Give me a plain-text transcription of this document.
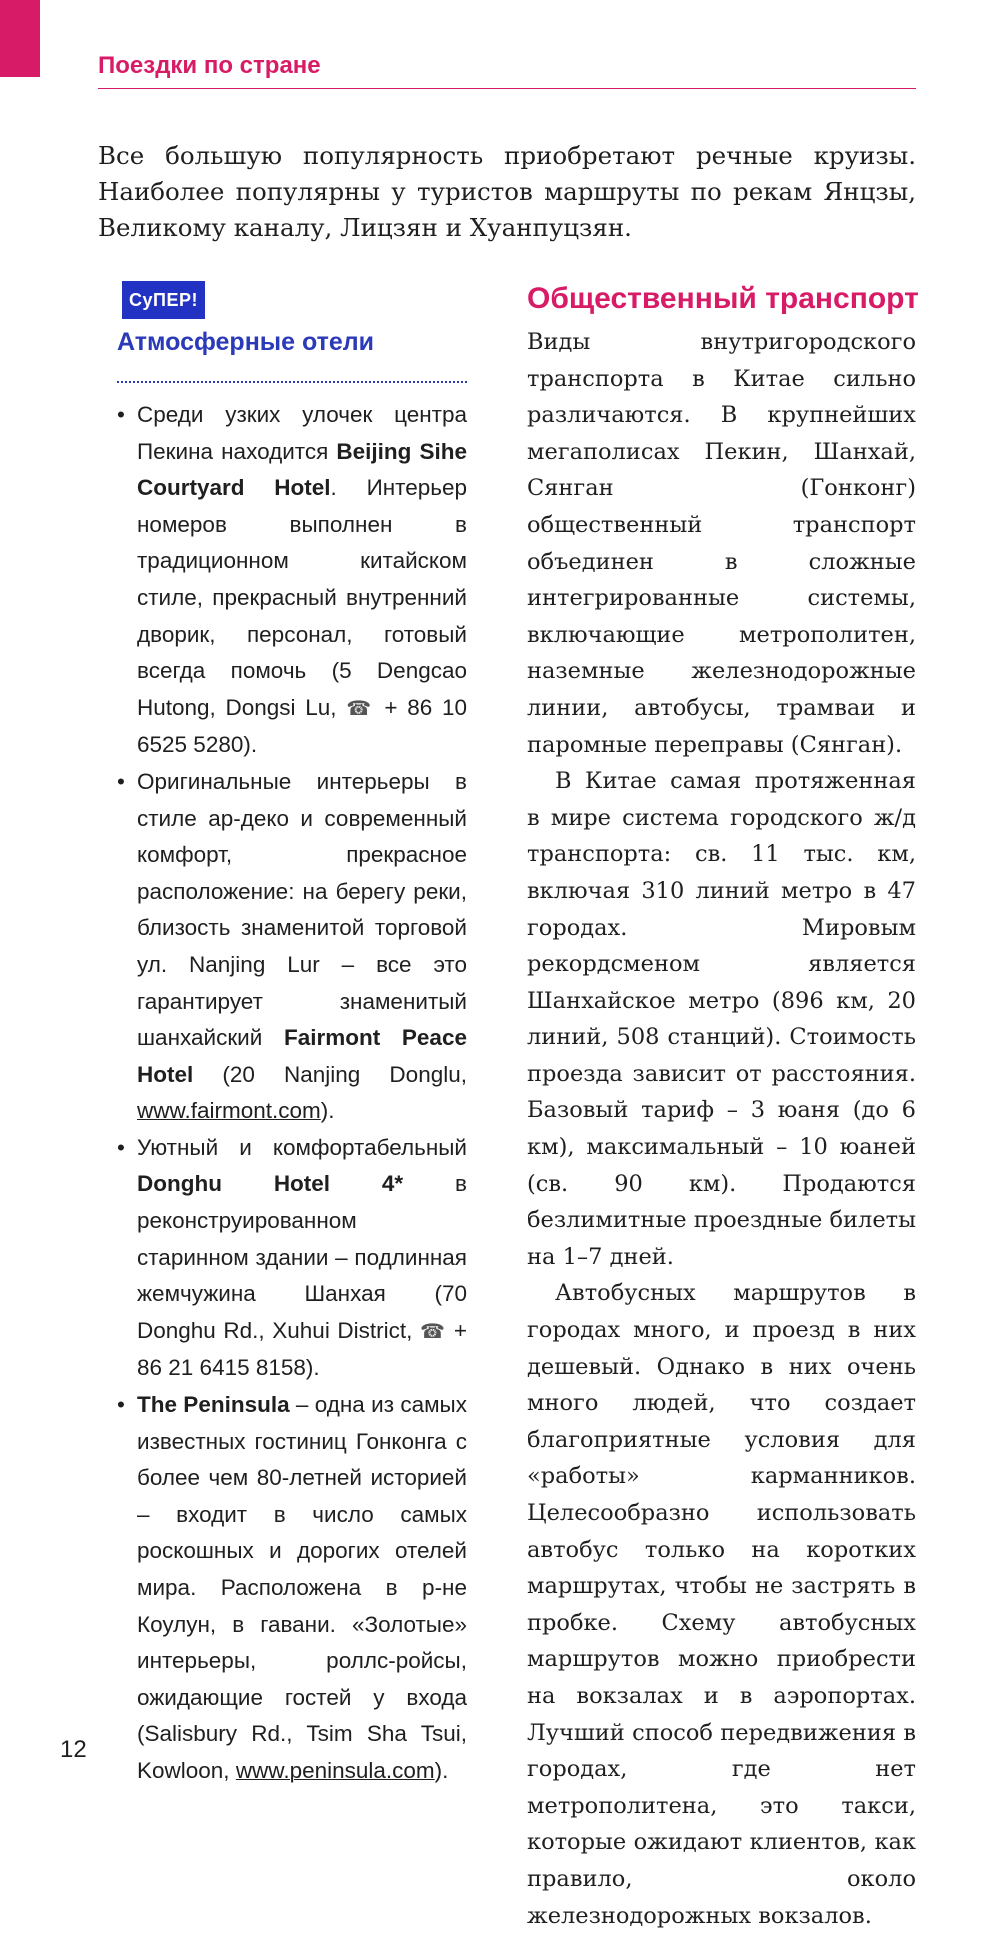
Поездки по стране

Все большую популярность приобретают речные круизы. Наиболее популярны у туристов маршруты по рекам Янцзы, Великому каналу, Лицзян и Хуанпуцзян.

СуПЕР!
Атмосферные отели
• Среди узких улочек центра Пекина находится Beijing Sihe Courtyard Hotel. Интерьер номеров выполнен в традиционном китайском стиле, прекрасный внутренний дворик, персонал, готовый всегда помочь (5 Dengcao Hutong, Dongsi Lu, ☎ + 86 10 6525 5280).
• Оригинальные интерьеры в стиле ар-деко и современный комфорт, прекрасное расположение: на берегу реки, близость знаменитой торговой ул. Nanjing Lur – все это гарантирует знаменитый шанхайский Fairmont Peace Hotel (20 Nanjing Donglu, www.fairmont.com).
• Уютный и комфортабельный Donghu Hotel 4* в реконструированном старинном здании – подлинная жемчужина Шанхая (70 Donghu Rd., Xuhui District, ☎ + 86 21 6415 8158).
• The Peninsula – одна из самых известных гостиниц Гонконга с более чем 80-летней историей – входит в число самых роскошных и дорогих отелей мира. Расположена в р-не Коулун, в гавани. «Золотые» интерьеры, роллс-ройсы, ожидающие гостей у входа (Salisbury Rd., Tsim Sha Tsui, Kowloon, www.peninsula.com).
Общественный транспорт

Виды внутригородского транспорта в Китае сильно различаются. В крупнейших мегаполисах Пекин, Шанхай, Сянган (Гонконг) общественный транспорт объединен в сложные интегрированные системы, включающие метрополитен, наземные железнодорожные линии, автобусы, трамваи и паромные переправы (Сянган).

В Китае самая протяженная в мире система городского ж/д транспорта: св. 11 тыс. км, включая 310 линий метро в 47 городах. Мировым рекордсменом является Шанхайское метро (896 км, 20 линий, 508 станций). Стоимость проезда зависит от расстояния. Базовый тариф – 3 юаня (до 6 км), максимальный – 10 юаней (св. 90 км). Продаются безлимитные проездные билеты на 1–7 дней.

Автобусных маршрутов в городах много, и проезд в них дешевый. Однако в них очень много людей, что создает благоприятные условия для «работы» карманников. Целесообразно использовать автобус только на коротких маршрутах, чтобы не застрять в пробке. Схему автобусных маршрутов можно приобрести на вокзалах и в аэропортах. Лучший способ передвижения в городах, где нет метрополитена, это такси, которые ожидают клиентов, как правило, около железнодорожных вокзалов.

12
